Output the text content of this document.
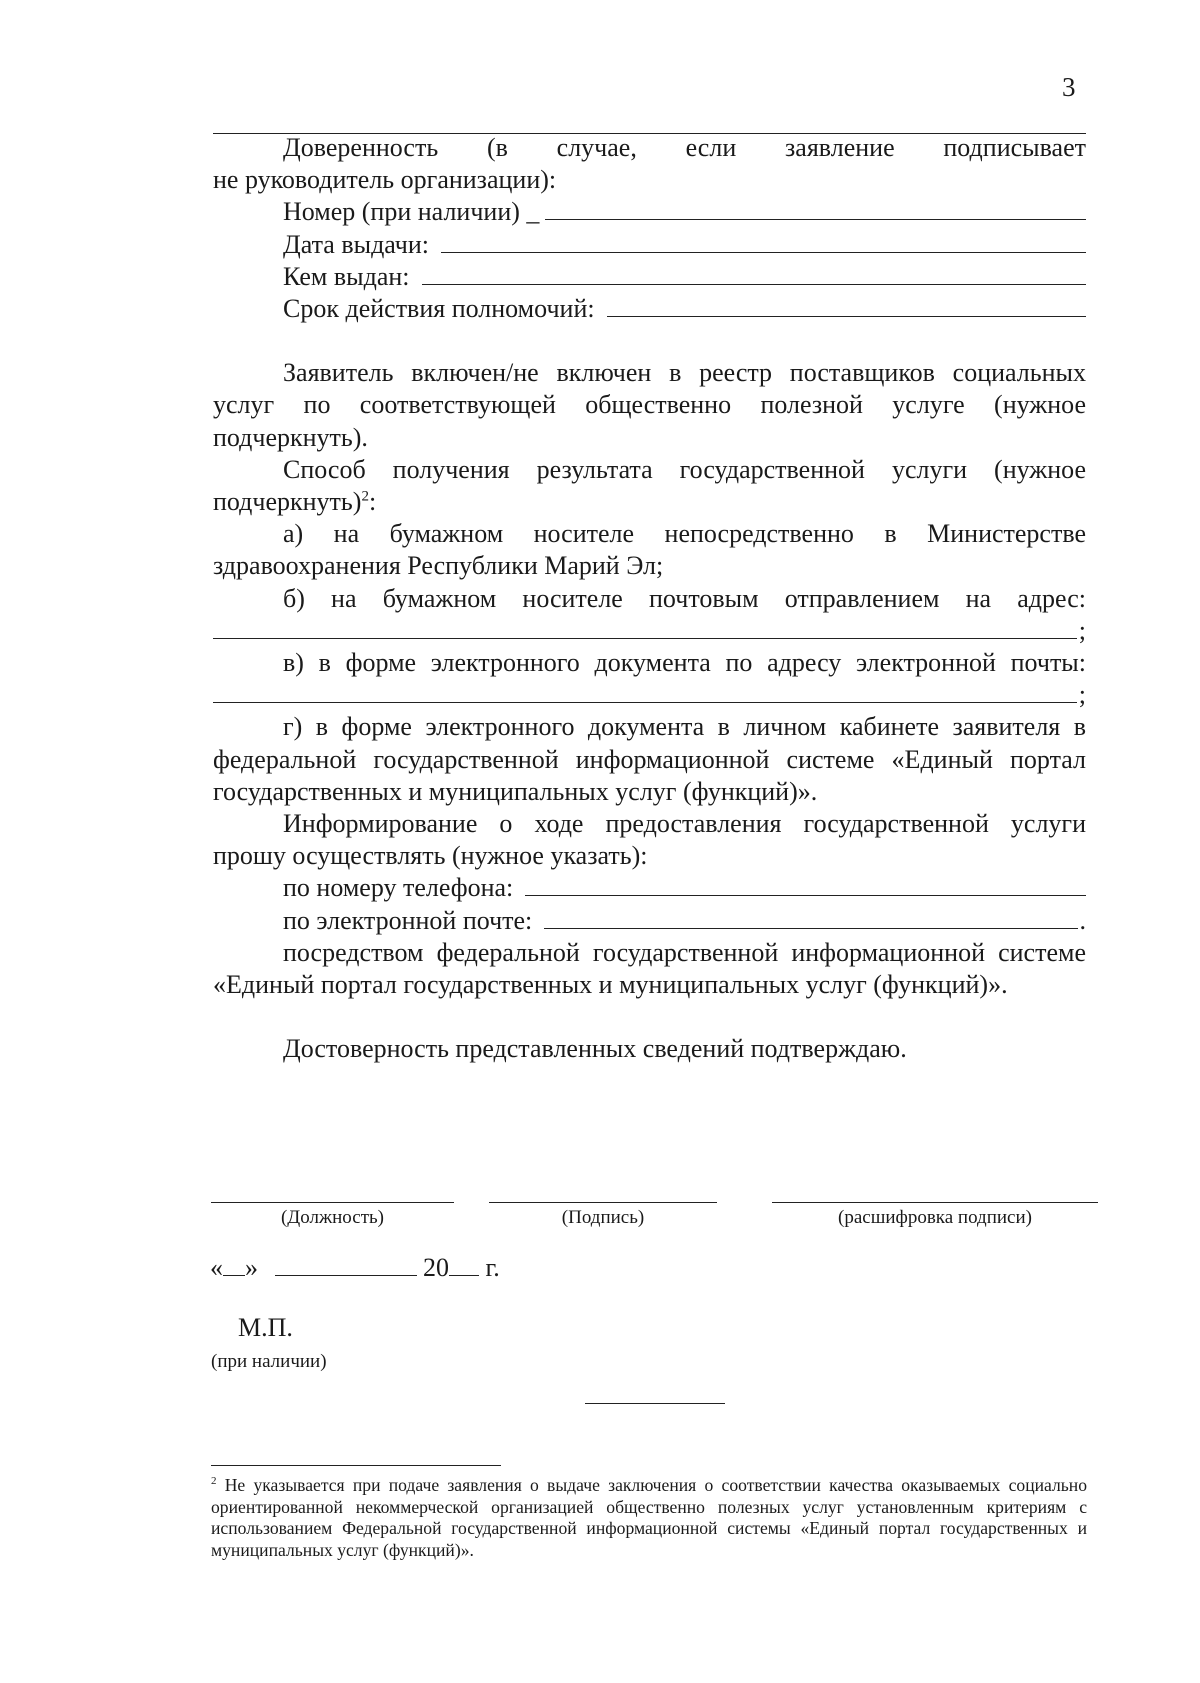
3

Доверенность (в случае, если заявление подписывает

не руководитель организации):

Номер (при наличии) _
Дата выдачи:
Кем выдан:
Срок действия полномочий:

Заявитель включен/не включен в реестр поставщиков социальных услуг по соответствующей общественно полезной услуге (нужное подчеркнуть).

Способ получения результата государственной услуги (нужное подчеркнуть)$^2$:

а) на бумажном носителе непосредственно в Министерстве здравоохранения Республики Марий Эл;

б) на бумажном носителе почтовым отправлением на адрес:

;

в) в форме электронного документа по адресу электронной почты:

;

г) в форме электронного документа в личном кабинете заявителя в федеральной государственной информационной системе «Единый портал государственных и муниципальных услуг (функций)».

Информирование о ходе предоставления государственной услуги прошу осуществлять (нужное указать):

по номеру телефона:
по электронной почте:	.

посредством федеральной государственной информационной системе «Единый портал государственных и муниципальных услуг (функций)».

Достоверность представленных сведений подтверждаю.

(Должность)	(Подпись)	(расшифровка подписи)
« »	20 г.
М.П.
(при наличии)
$^2$ Не указывается при подаче заявления о выдаче заключения о соответствии качества оказываемых социально ориентированной некоммерческой организацией общественно полезных услуг установленным критериям с использованием Федеральной государственной информационной системы «Единый портал государственных и муниципальных услуг (функций)».
